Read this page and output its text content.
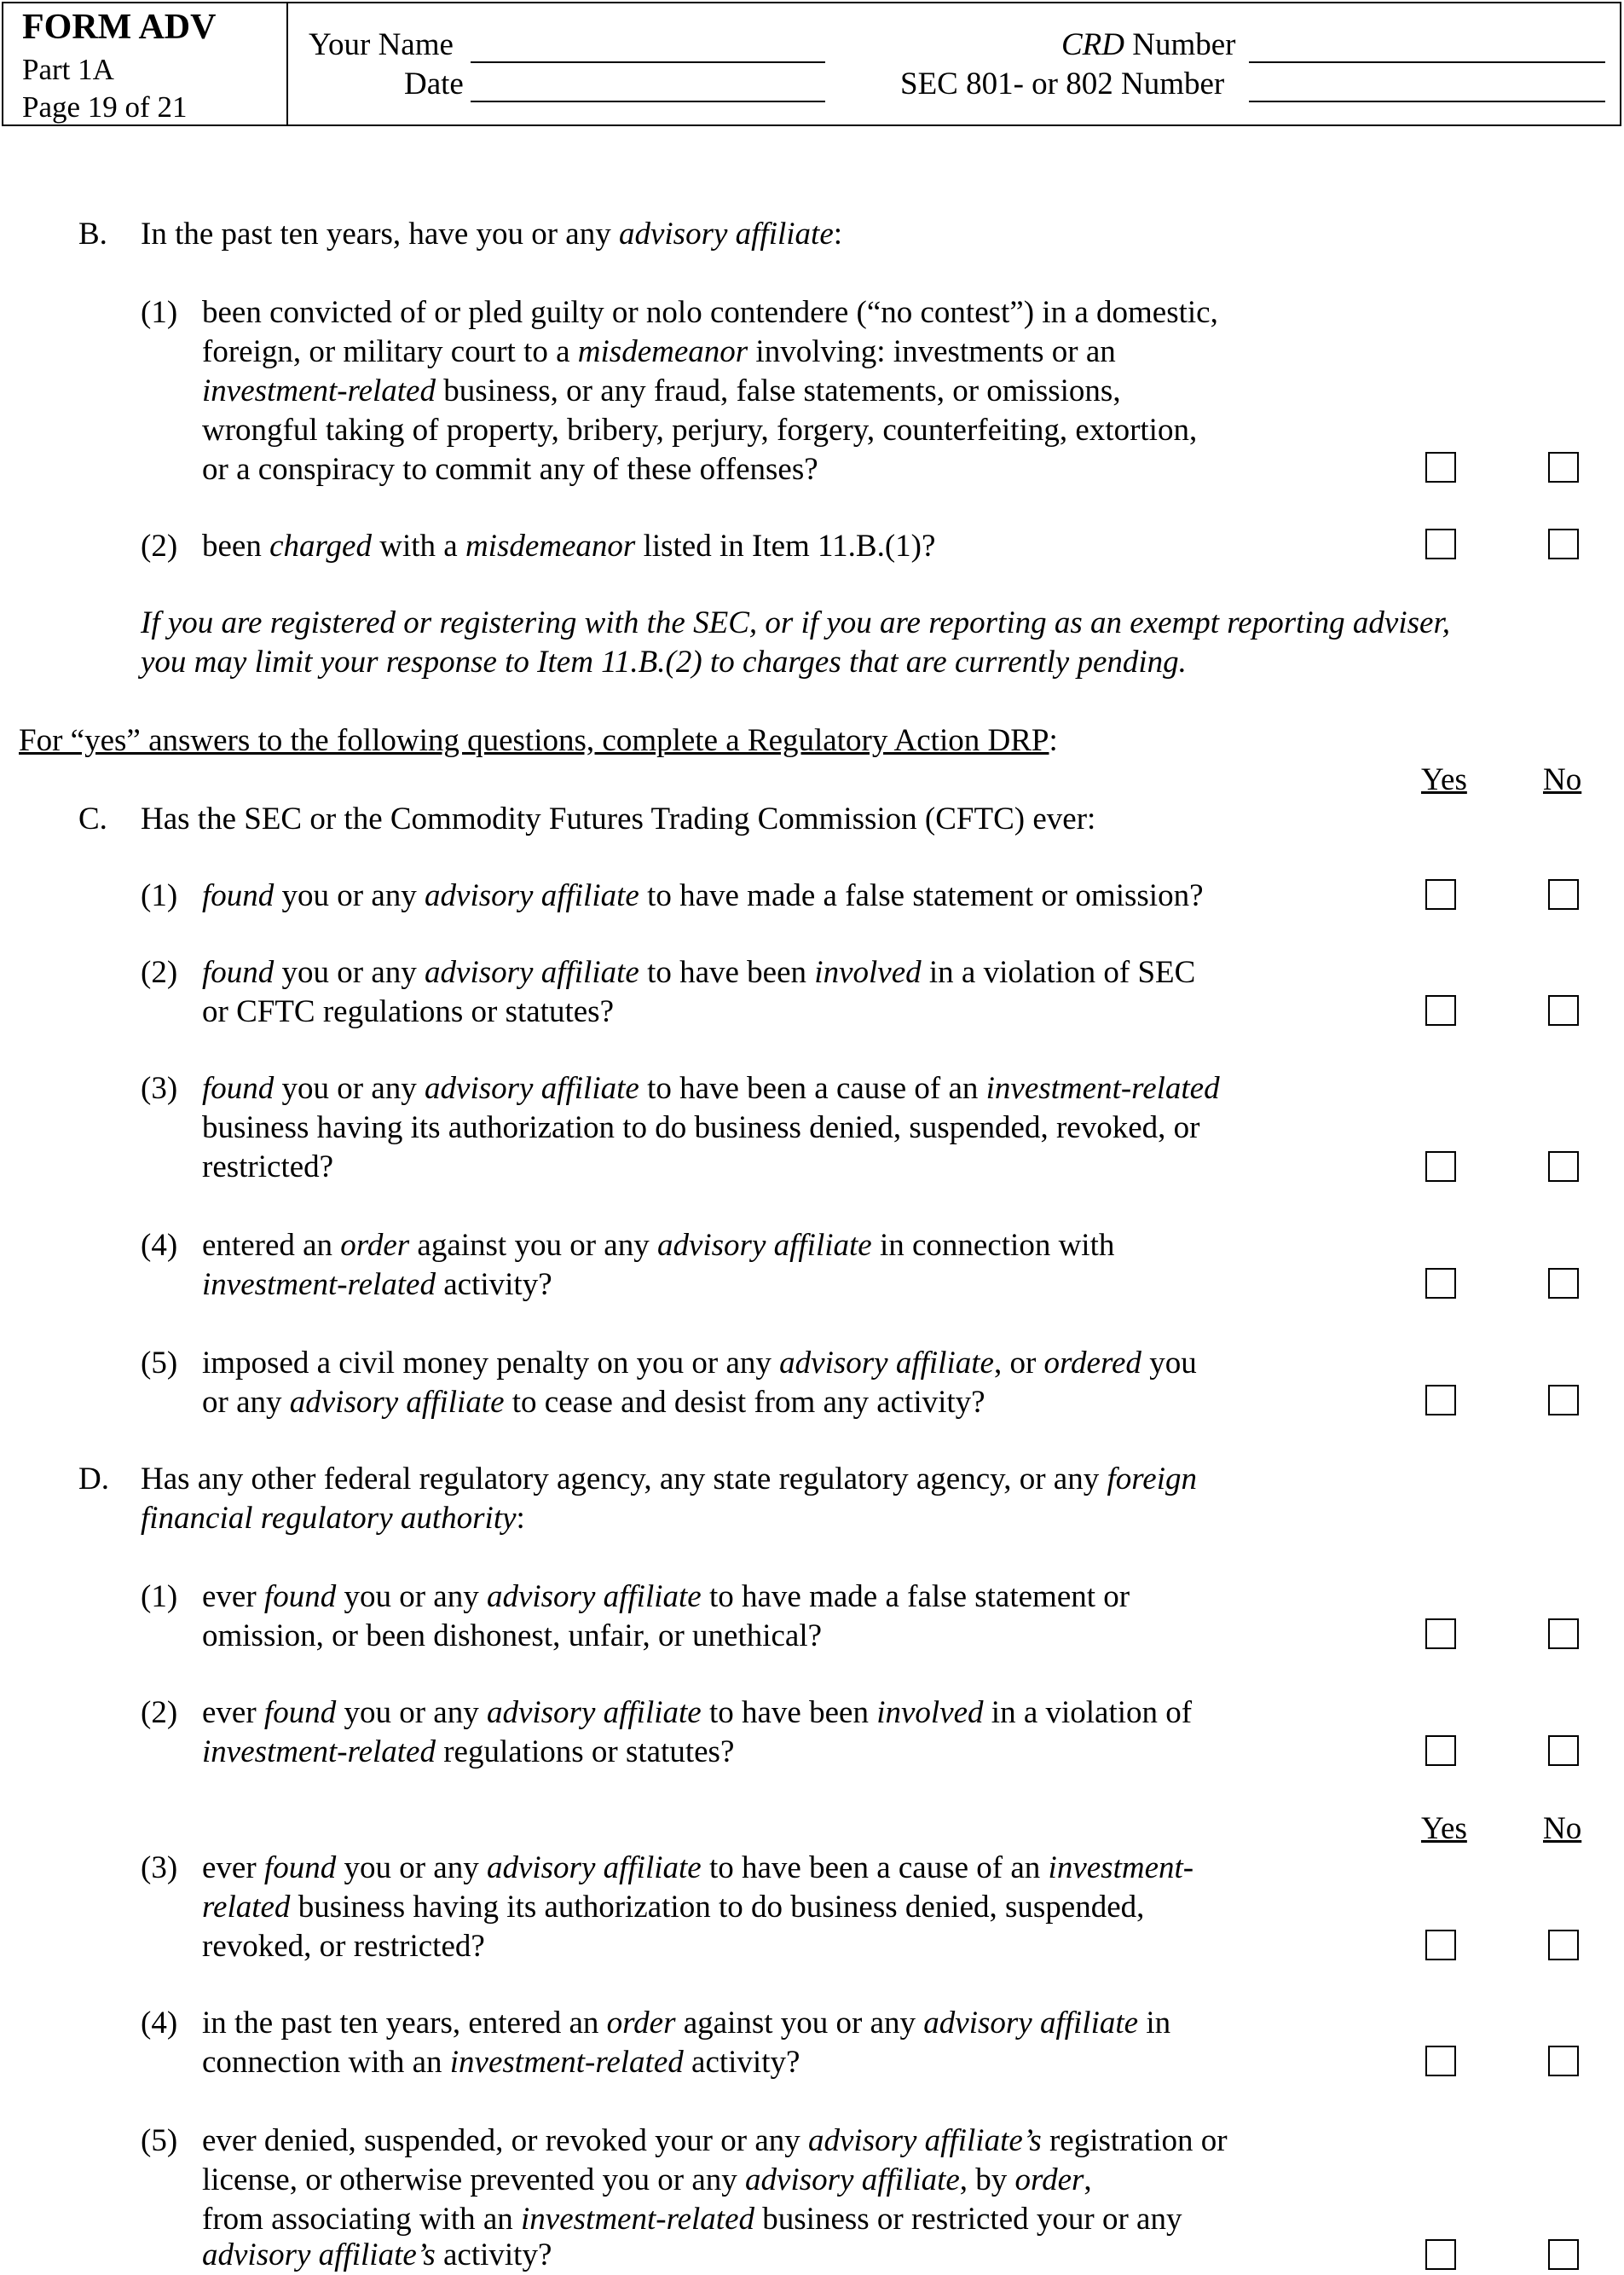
FORM ADV
Part 1A
Page 19 of 21
Your Name
Date
CRD Number
SEC 801- or 802 Number
B. In the past ten years, have you or any advisory affiliate:
(1) been convicted of or pled guilty or nolo contendere (“no contest”) in a domestic,
foreign, or military court to a misdemeanor involving: investments or an
investment-related business, or any fraud, false statements, or omissions,
wrongful taking of property, bribery, perjury, forgery, counterfeiting, extortion,
or a conspiracy to commit any of these offenses?
(2) been charged with a misdemeanor listed in Item 11.B.(1)?
If you are registered or registering with the SEC, or if you are reporting as an exempt reporting adviser,
you may limit your response to Item 11.B.(2) to charges that are currently pending.
For “yes” answers to the following questions, complete a Regulatory Action DRP:
Yes No
C. Has the SEC or the Commodity Futures Trading Commission (CFTC) ever:
(1) found you or any advisory affiliate to have made a false statement or omission?
(2) found you or any advisory affiliate to have been involved in a violation of SEC
or CFTC regulations or statutes?
(3) found you or any advisory affiliate to have been a cause of an investment-related
business having its authorization to do business denied, suspended, revoked, or
restricted?
(4) entered an order against you or any advisory affiliate in connection with
investment-related activity?
(5) imposed a civil money penalty on you or any advisory affiliate, or ordered you
or any advisory affiliate to cease and desist from any activity?
D. Has any other federal regulatory agency, any state regulatory agency, or any foreign
financial regulatory authority:
(1) ever found you or any advisory affiliate to have made a false statement or
omission, or been dishonest, unfair, or unethical?
(2) ever found you or any advisory affiliate to have been involved in a violation of
investment-related regulations or statutes?
Yes No
(3) ever found you or any advisory affiliate to have been a cause of an investment-
related business having its authorization to do business denied, suspended,
revoked, or restricted?
(4) in the past ten years, entered an order against you or any advisory affiliate in
connection with an investment-related activity?
(5) ever denied, suspended, or revoked your or any advisory affiliate’s registration or
license, or otherwise prevented you or any advisory affiliate, by order,
from associating with an investment-related business or restricted your or any
advisory affiliate’s activity?
